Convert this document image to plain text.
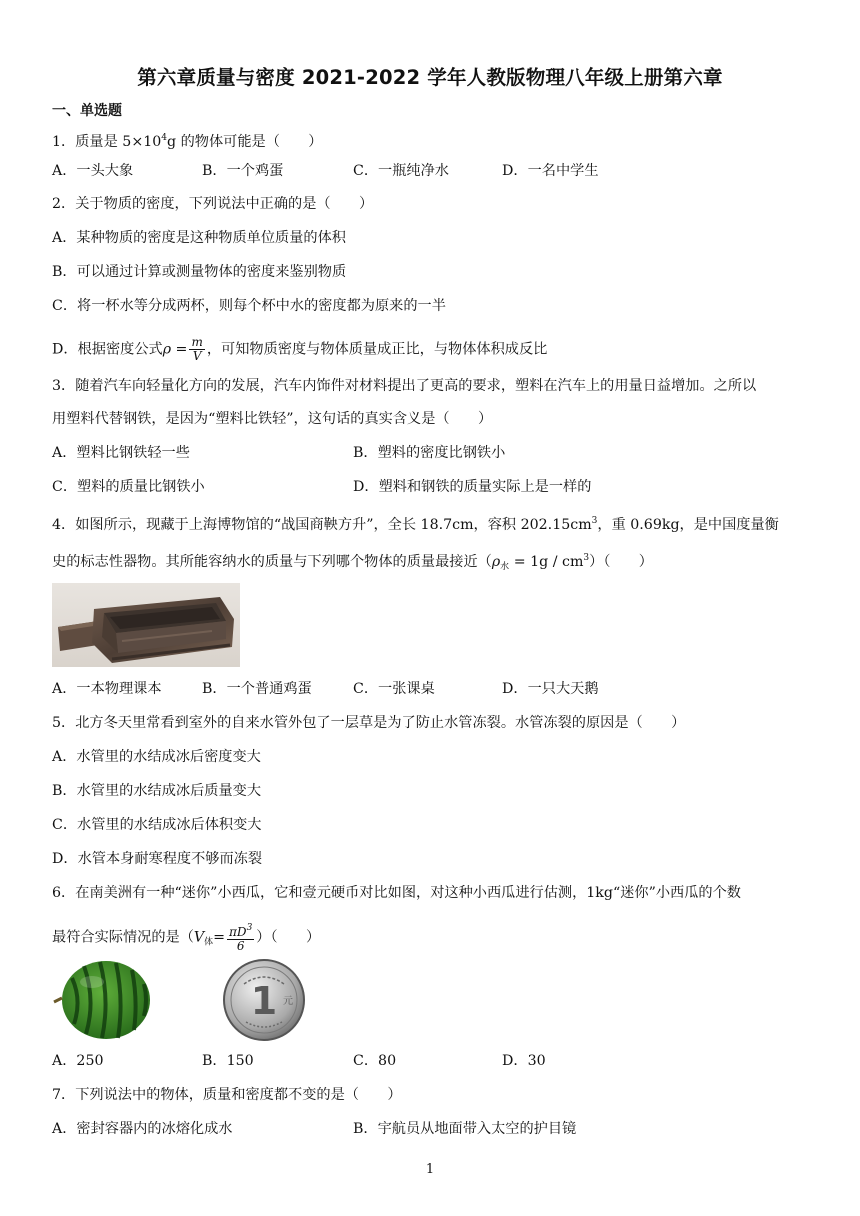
第六章质量与密度 2021-2022 学年人教版物理八年级上册第六章
一、单选题
1．质量是 $5\times 10^4g$ 的物体可能是（　　）
A．一头大象	B．一个鸡蛋	C．一瓶纯净水	D．一名中学生
2．关于物质的密度，下列说法中正确的是（　　）
A．某种物质的密度是这种物质单位质量的体积
B．可以通过计算或测量物体的密度来鉴别物质
C．将一杯水等分成两杯，则每个杯中水的密度都为原来的一半
D．根据密度公式$\rho = \frac{m}{V}$ ，可知物质密度与物体质量成正比，与物体体积成反比
3．随着汽车向轻量化方向的发展，汽车内饰件对材料提出了更高的要求，塑料在汽车上的用量日益增加。之所以
用塑料代替钢铁，是因为“塑料比铁轻”，这句话的真实含义是（　　）
A．塑料比钢铁轻一些	B．塑料的密度比钢铁小
C．塑料的质量比钢铁小	D．塑料和钢铁的质量实际上是一样的
4．如图所示，现藏于上海博物馆的“战国商鞅方升”，全长 18.7cm，容积 $202.15cm^3$，重 0.69kg，是中国度量衡
史的标志性器物。其所能容纳水的质量与下列哪个物体的质量最接近$(\rho_水 = 1g / cm^3)$（　　）
A．一本物理课本	B．一个普通鸡蛋	C．一张课桌	D．一只大天鹅
5．北方冬天里常看到室外的自来水管外包了一层草是为了防止水管冻裂。水管冻裂的原因是（　　）
A．水管里的水结成冰后密度变大
B．水管里的水结成冰后质量变大
C．水管里的水结成冰后体积变大
D．水管本身耐寒程度不够而冻裂
6．在南美洲有一种“迷你”小西瓜，它和壹元硬币对比如图，对这种小西瓜进行估测，1kg“迷你”小西瓜的个数
最符合实际情况的是（$V_体= \frac{\pi D^3}{6}$ ）（　　）
1 元
A．250	B．150	C．80	D．30
7．下列说法中的物体，质量和密度都不变的是（　　）
A．密封容器内的冰熔化成水	B．宇航员从地面带入太空的护目镜
1
